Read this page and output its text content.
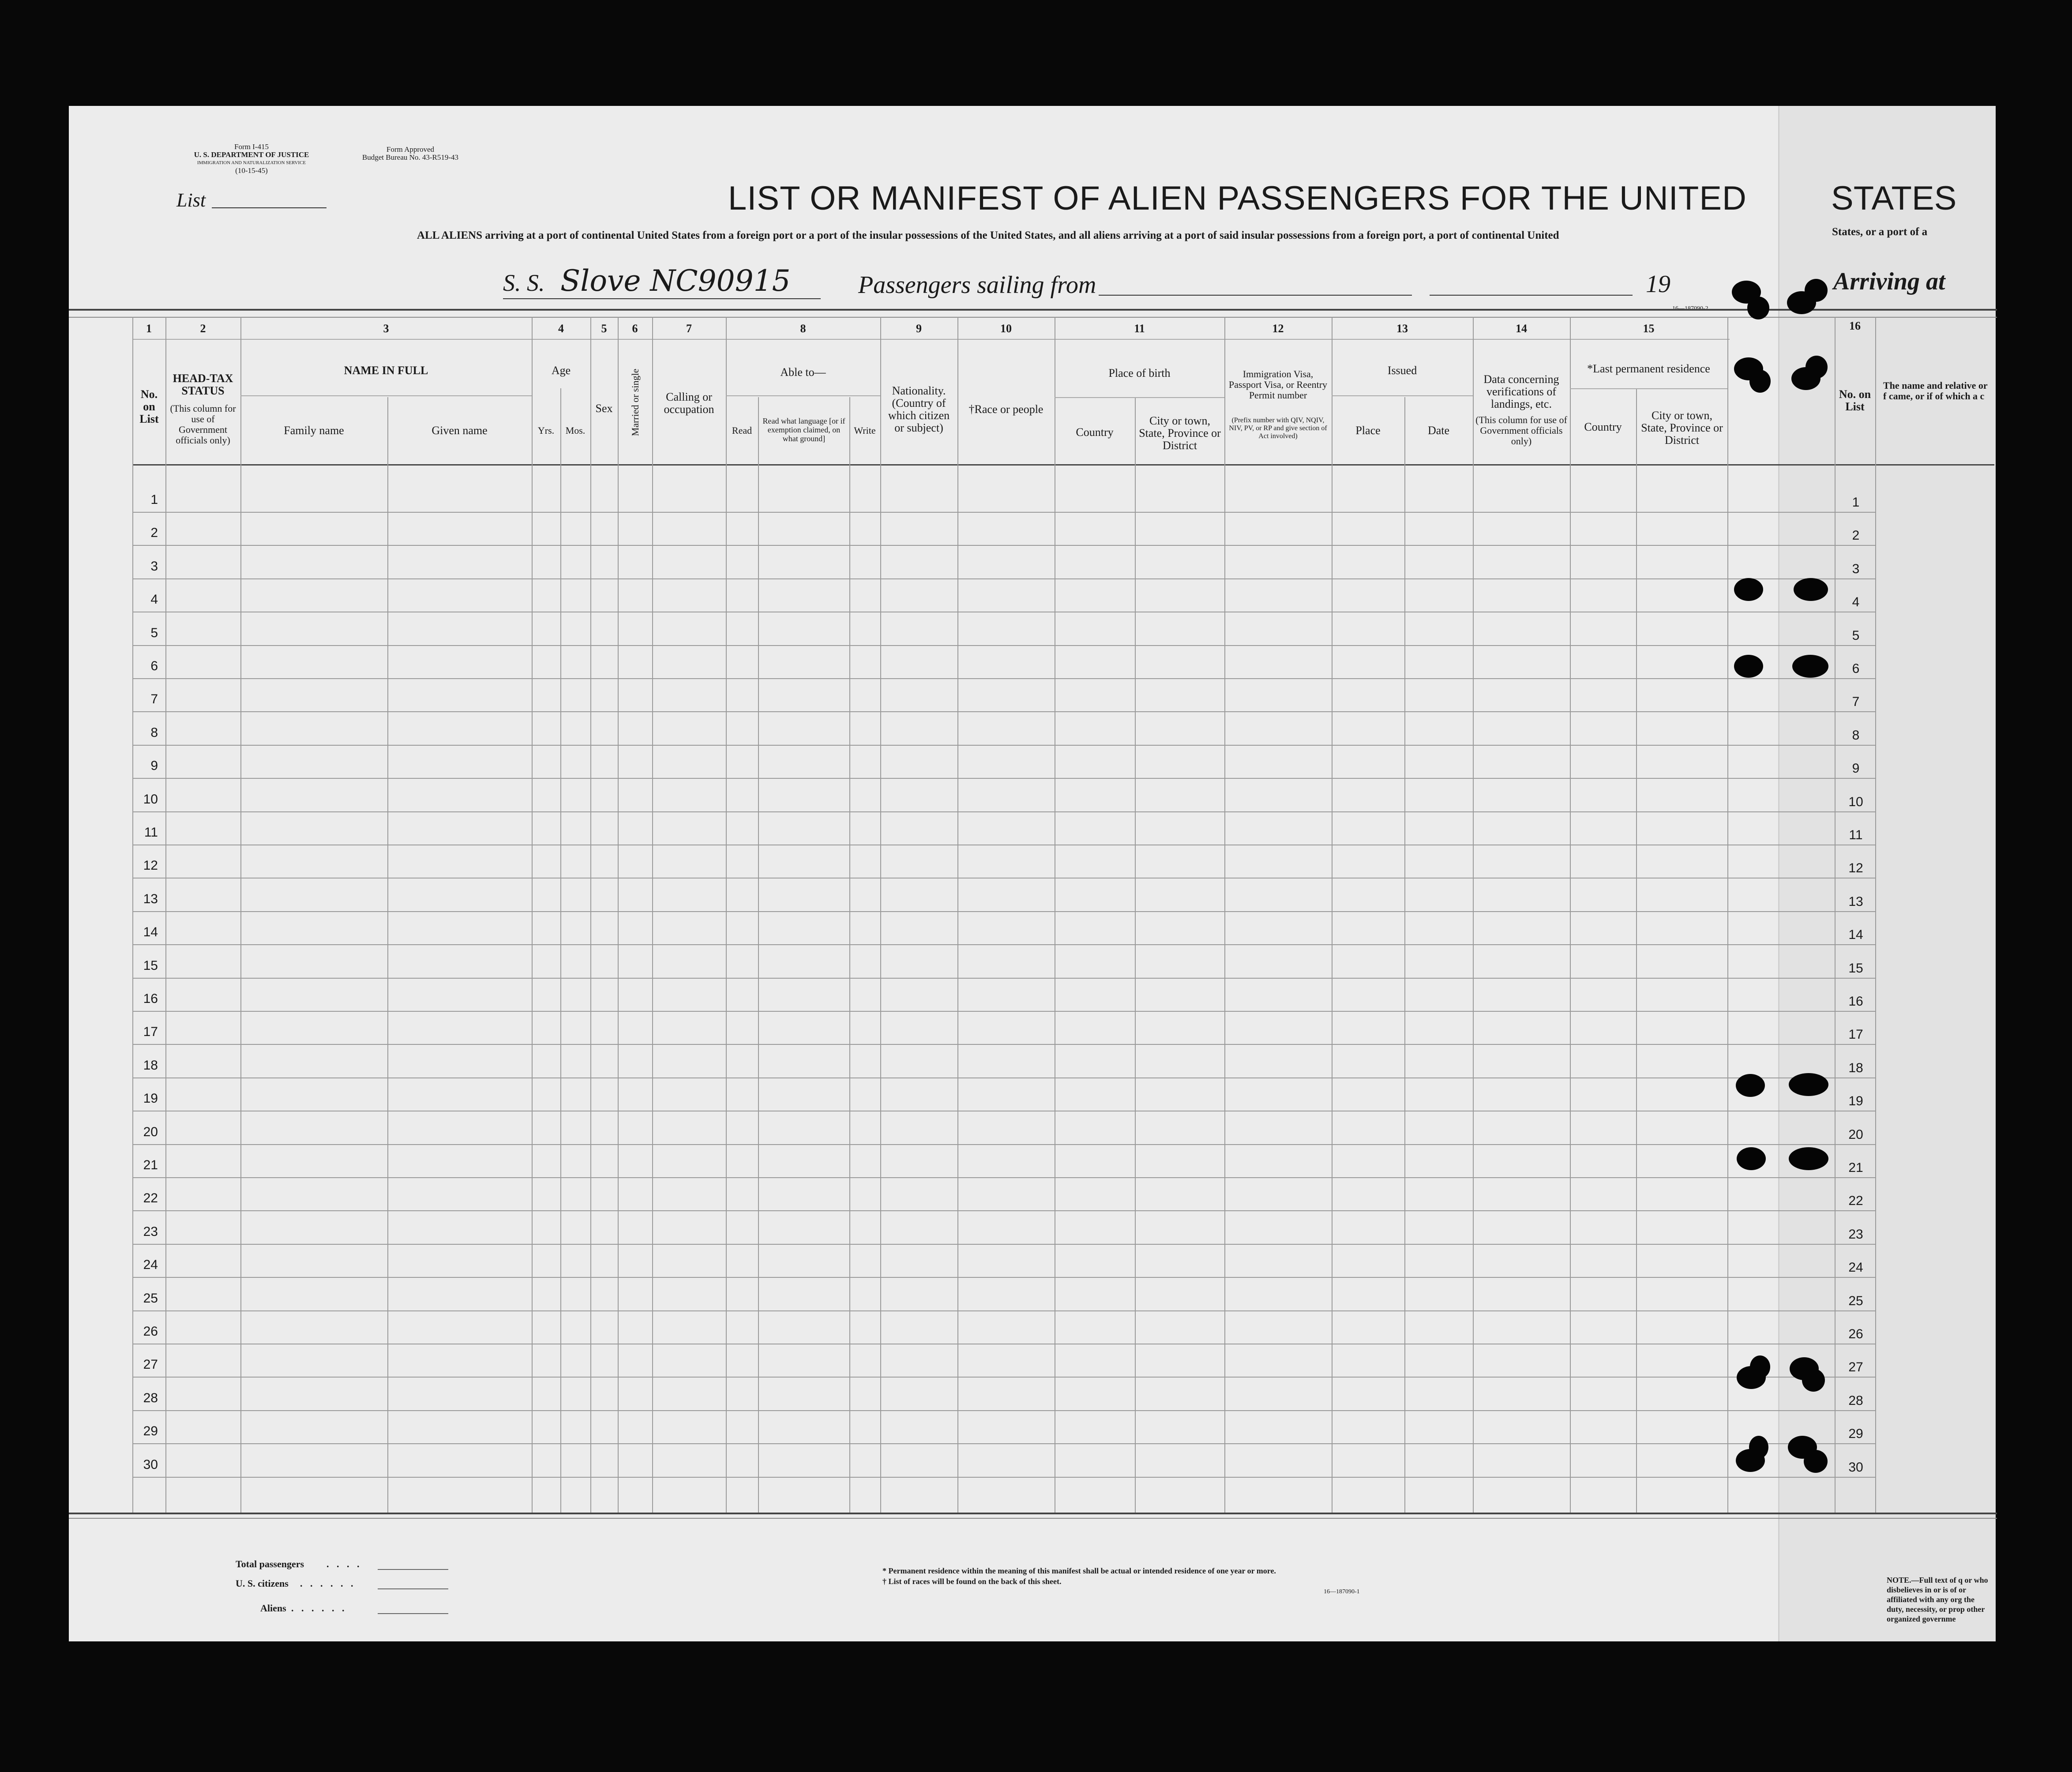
Form I-415
U. S. DEPARTMENT OF JUSTICE
IMMIGRATION AND NATURALIZATION SERVICE
(10-15-45)
Form Approved
Budget Bureau No. 43-R519-43
List	LIST OR MANIFEST OF ALIEN PASSENGERS FOR THE UNITED	STATES
ALL ALIENS arriving at a port of continental United States from a foreign port or a port of the insular possessions of the United States, and all aliens arriving at a port of said insular possessions from a foreign port, a port of continental United	States, or a port of a
S. S. Slove NC90915	Passengers sailing from	19	Arriving at
1	2	3	4	5	6	7	8	9	10	11	12	13	14	15	16
No. on List
HEAD-TAX STATUS
(This column for use of Government officials only)
NAME IN FULL
Family name	Given name
Age
Yrs.	Mos.
Sex	Married or single	Calling or occupation
Able to—
Read
Read what language [or if exemption claimed, on what ground]
Write
Nationality. (Country of which citizen or subject)
†Race or people
Place of birth
Country
City or town, State, Province or District
Immigration Visa, Passport Visa, or Reentry Permit number
(Prefix number with QIV, NQIV, NIV, PV, or RP and give section of Act involved)
Issued
Place	Date
Data concerning verifications of landings, etc.
(This column for use of Government officials only)
*Last permanent residence
Country
City or town, State, Province or District
No. on List
The name and relative or f came, or if of which a c
1	1
2	2
3	3
4	4
5	5
6	6
7	7
8	8
9	9
10	10
11	11
12	12
13	13
14	14
15	15
16	16
17	17
18	18
19	19
20	20
21	21
22	22
23	23
24	24
25	25
26	26
27	27
28	28
29	29
30	30
Total passengers . . . .
U. S. citizens . . . . . .
Aliens . . . . . .
* Permanent residence within the meaning of this manifest shall be actual or intended residence of one year or more.
† List of races will be found on the back of this sheet.
16—187090-1
NOTE.—Full text of q or who disbelieves in or is of or affiliated with any org the duty, necessity, or prop other organized governme
